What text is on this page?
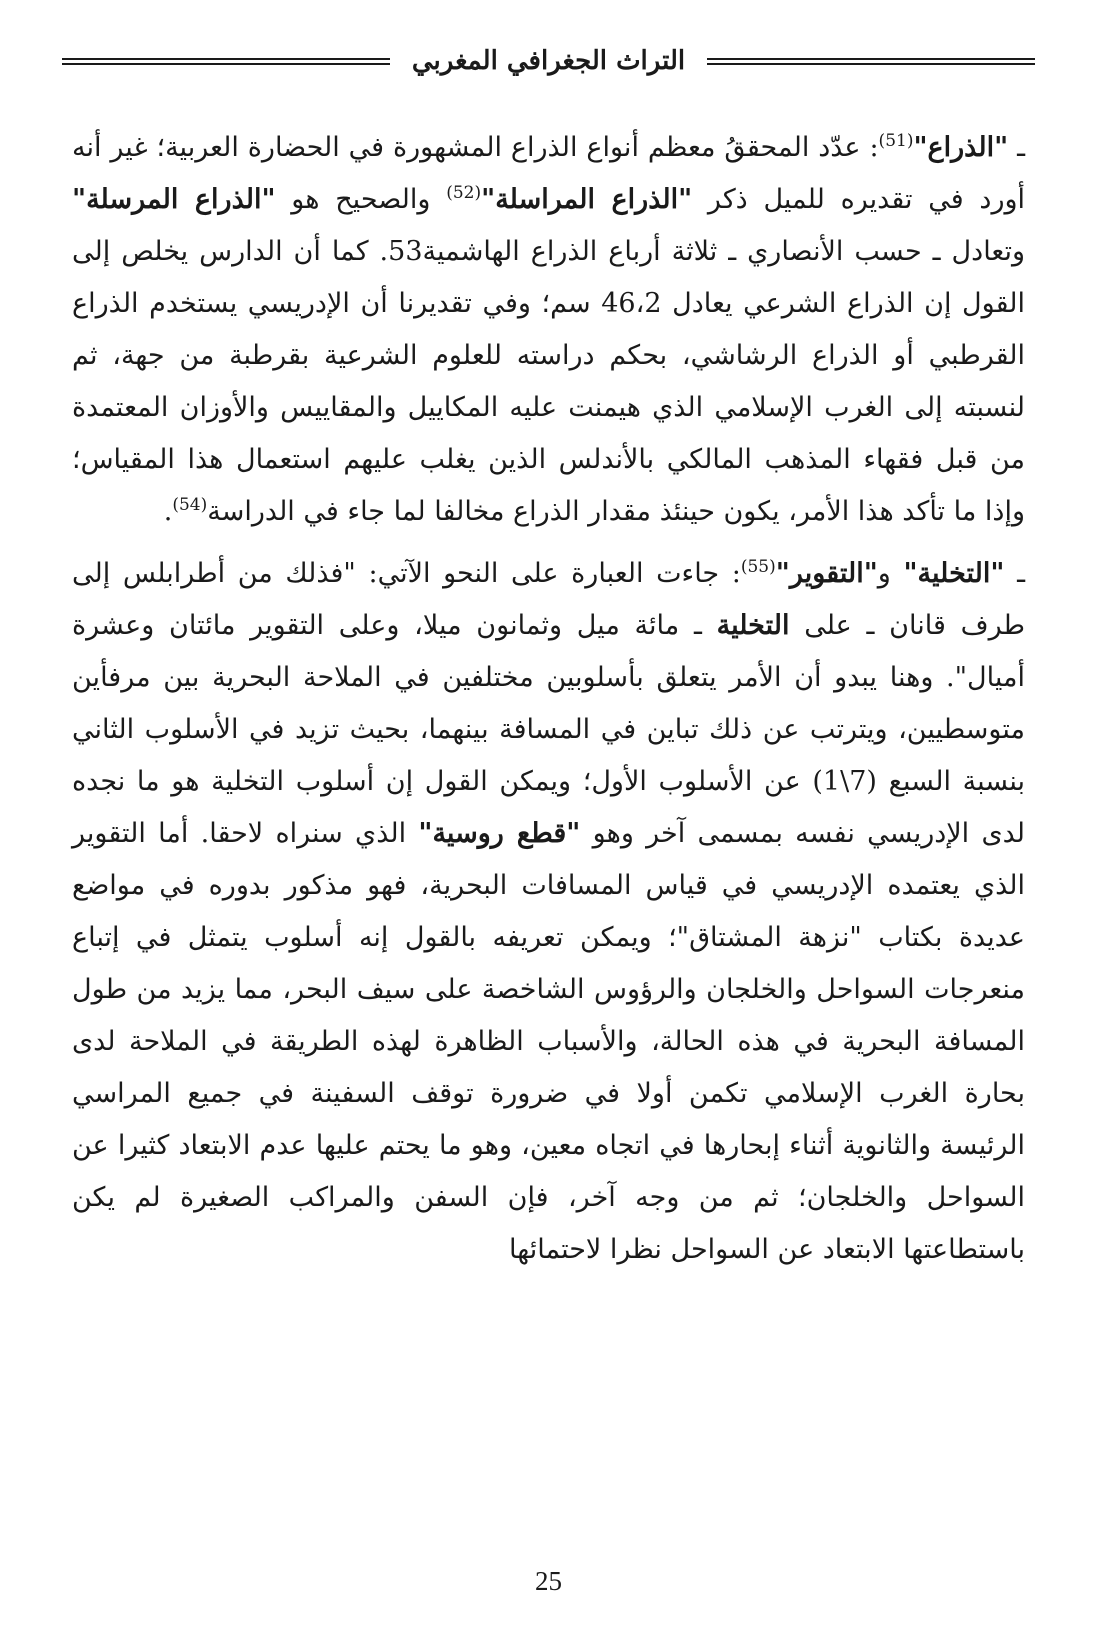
التراث الجغرافي المغربي

ـ "الذراع"$^{(51)}$: عدّد المحققُ معظم أنواع الذراع المشهورة في الحضارة العربية؛ غير أنه أورد في تقديره للميل ذكر "الذراع المراسلة"$^{(52)}$ والصحيح هو "الذراع المرسلة" وتعادل ـ حسب الأنصاري ـ ثلاثة أرباع الذراع الهاشمية53. كما أن الدارس يخلص إلى القول إن الذراع الشرعي يعادل 46،2 سم؛ وفي تقديرنا أن الإدريسي يستخدم الذراع القرطبي أو الذراع الرشاشي، بحكم دراسته للعلوم الشرعية بقرطبة من جهة، ثم لنسبته إلى الغرب الإسلامي الذي هيمنت عليه المكاييل والمقاييس والأوزان المعتمدة من قبل فقهاء المذهب المالكي بالأندلس الذين يغلب عليهم استعمال هذا المقياس؛ وإذا ما تأكد هذا الأمر، يكون حينئذ مقدار الذراع مخالفا لما جاء في الدراسة$^{(54)}$.

ـ "التخلية" و"التقوير"$^{(55)}$: جاءت العبارة على النحو الآتي: "فذلك من أطرابلس إلى طرف قانان ـ على التخلية ـ مائة ميل وثمانون ميلا، وعلى التقوير مائتان وعشرة أميال". وهنا يبدو أن الأمر يتعلق بأسلوبين مختلفين في الملاحة البحرية بين مرفأين متوسطيين، ويترتب عن ذلك تباين في المسافة بينهما، بحيث تزيد في الأسلوب الثاني بنسبة السبع (7\1) عن الأسلوب الأول؛ ويمكن القول إن أسلوب التخلية هو ما نجده لدى الإدريسي نفسه بمسمى آخر وهو "قطع روسية" الذي سنراه لاحقا. أما التقوير الذي يعتمده الإدريسي في قياس المسافات البحرية، فهو مذكور بدوره في مواضع عديدة بكتاب "نزهة المشتاق"؛ ويمكن تعريفه بالقول إنه أسلوب يتمثل في إتباع منعرجات السواحل والخلجان والرؤوس الشاخصة على سيف البحر، مما يزيد من طول المسافة البحرية في هذه الحالة، والأسباب الظاهرة لهذه الطريقة في الملاحة لدى بحارة الغرب الإسلامي تكمن أولا في ضرورة توقف السفينة في جميع المراسي الرئيسة والثانوية أثناء إبحارها في اتجاه معين، وهو ما يحتم عليها عدم الابتعاد كثيرا عن السواحل والخلجان؛ ثم من وجه آخر، فإن السفن والمراكب الصغيرة لم يكن باستطاعتها الابتعاد عن السواحل نظرا لاحتمائها

25
